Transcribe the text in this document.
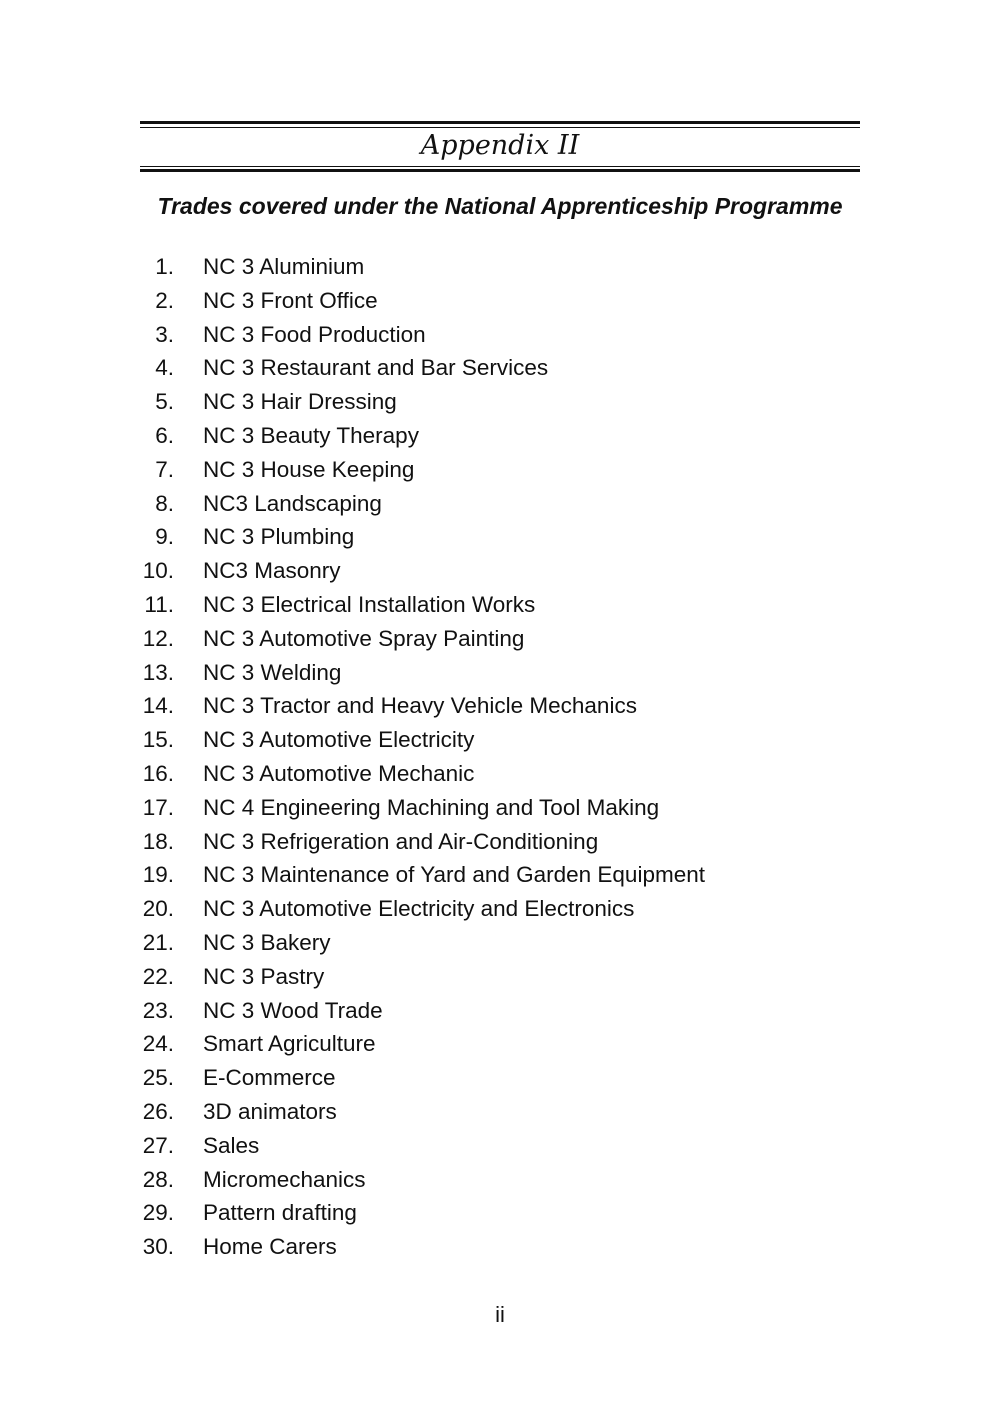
Appendix II
Trades covered under the National Apprenticeship Programme
1. NC 3 Aluminium
2. NC 3 Front Office
3. NC 3 Food Production
4. NC 3 Restaurant and Bar Services
5. NC 3 Hair Dressing
6. NC 3 Beauty Therapy
7. NC 3 House Keeping
8. NC3 Landscaping
9. NC 3 Plumbing
10. NC3 Masonry
11. NC 3 Electrical Installation Works
12. NC 3 Automotive Spray Painting
13. NC 3 Welding
14. NC 3 Tractor and Heavy Vehicle Mechanics
15. NC 3 Automotive Electricity
16. NC 3 Automotive Mechanic
17. NC 4 Engineering Machining and Tool Making
18. NC 3 Refrigeration and Air-Conditioning
19. NC 3 Maintenance of Yard and Garden Equipment
20. NC 3 Automotive Electricity and Electronics
21. NC 3 Bakery
22. NC 3 Pastry
23. NC 3 Wood Trade
24. Smart Agriculture
25. E-Commerce
26. 3D animators
27. Sales
28. Micromechanics
29. Pattern drafting
30. Home Carers
ii
